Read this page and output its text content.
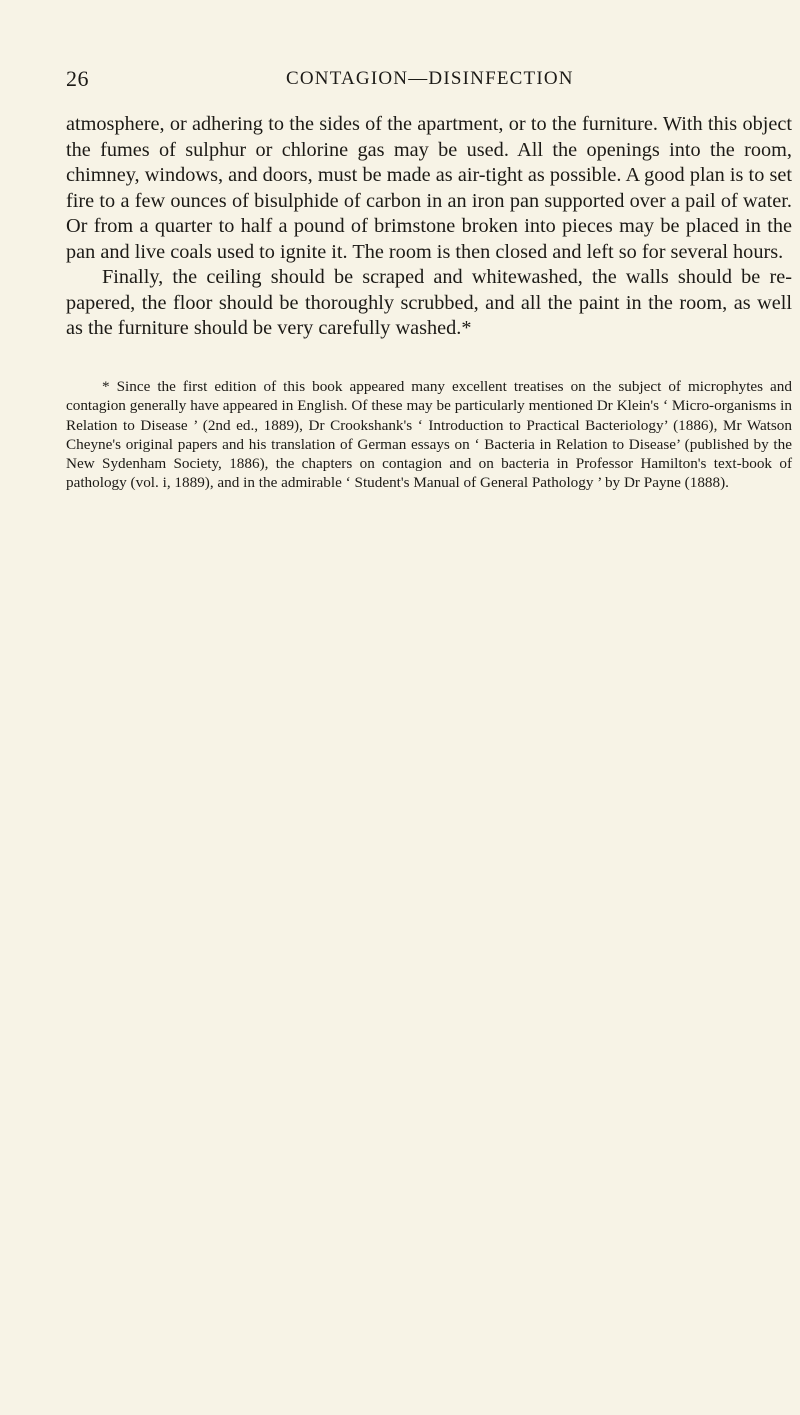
26	CONTAGION—DISINFECTION

atmosphere, or adhering to the sides of the apartment, or to the furniture. With this object the fumes of sulphur or chlorine gas may be used. All the openings into the room, chimney, windows, and doors, must be made as air-tight as possible. A good plan is to set fire to a few ounces of bisulphide of carbon in an iron pan supported over a pail of water. Or from a quarter to half a pound of brimstone broken into pieces may be placed in the pan and live coals used to ignite it. The room is then closed and left so for several hours.

Finally, the ceiling should be scraped and whitewashed, the walls should be re-papered, the floor should be thoroughly scrubbed, and all the paint in the room, as well as the furniture should be very carefully washed.*

* Since the first edition of this book appeared many excellent treatises on the subject of microphytes and contagion generally have appeared in English. Of these may be particularly mentioned Dr Klein's ‘ Micro-organisms in Relation to Disease ’ (2nd ed., 1889), Dr Crookshank's ‘ Introduction to Practical Bacteriology’ (1886), Mr Watson Cheyne's original papers and his translation of German essays on ‘ Bacteria in Relation to Disease’ (published by the New Sydenham Society, 1886), the chapters on contagion and on bacteria in Professor Hamilton's text-book of pathology (vol. i, 1889), and in the admirable ‘ Student's Manual of General Pathology ’ by Dr Payne (1888).
